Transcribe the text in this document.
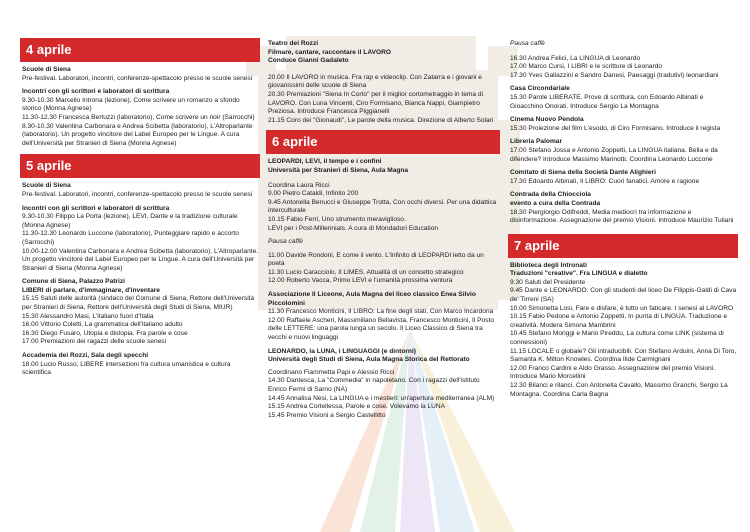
4 aprile

Scuole di Siena

Pre-festival. Laboratori, incontri, conferenze-spettacolo presso le scuole senesi

Incontri con gli scrittori e laboratori di scrittura

9.30-10.30 Marcello Introna (lezione), Come scrivere un romanzo a sfondo storico (Monna Agnese)

11.30-12.30 Francesca Bertuzzi (laboratorio), Come scrivere un noir (Sarrocchi)

8.30-10.30 Valentina Carbonara e Andrea Scibetta (laboratorio), L'Altroparlante (laboratorio). Un progetto vincitore del Label Europeo per le Lingue. A cura dell'Università per Stranieri di Siena (Monna Agnese)

5 aprile

Scuole di Siena

Pre-festival. Laboratori, incontri, conferenze-spettacolo presso le scuole senesi

Incontri con gli scrittori e laboratori di scrittura

9.30-10.30 Filippo La Porta (lezione), LEVI, Dante e la tradizione culturale (Monna Agnese)

11.30-12.30 Leonardo Luccone (laboratorio), Punteggiare rapido e accorto (Sarrocchi)

10.00-12.00 Valentina Carbonara e Andrea Scibetta (laboratorio), L'Altroparlante. Un progetto vincitore del Label Europeo per le Lingue. A cura dell'Università per Stranieri di Siena (Monna Agnese)

Comune di Siena, Palazzo Patrizi

LIBERI di parlare, d'immaginare, d'inventare

15.15 Saluti delle autorità (sindaco del Comune di Siena, Rettore dell'Università per Stranieri di Siena, Rettore dell'Università degli Studi di Siena, MIUR)

15.30 Alessandro Masi, L'italiano fuori d'Italia

16.00 Vittorio Coletti, La grammatica dell'italiano adulto

16.30 Diego Fusaro, Utopia e distopia. Fra parole e cose

17.00 Premiazioni dei ragazzi delle scuole senesi

Accademia dei Rozzi, Sala degli specchi

18.00 Lucio Russo, LIBERE intersezioni fra cultura umanistica e cultura scientifica

Teatro dei Rozzi

Filmare, cantare, raccontare il LAVORO

Conduce Gianni Gadaleto

20.00 Il LAVORO in musica. Fra rap e videoclip. Con Zatarra e i giovani e giovanissimi delle scuole di Siena

20.30 Premiazioni "Siena In Corto" per il miglior cortometraggio in tema di LAVORO. Con Luna Vincenti, Ciro Formisano, Bianca Nappi, Giampietro Preziosa. Introduce Francesca Piggianelli

21.15 Coro dei "Gionaudi", Le parole della musica. Direzione di Alberto Solari

6 aprile

LEOPARDI, LEVI, il tempo e i confini

Università per Stranieri di Siena, Aula Magna

Coordina Laura Ricci

9.00 Pietro Cataldi, Infinito 200

9.45 Antonella Benucci e Giuseppe Trotta, Con occhi diversi. Per una didattica interculturale

10.15 Fabio Ferri, Uno strumento meraviglioso.

LEVI per i Post-Millennials. A cura di Mondadori Education

Pausa caffè

11.00 Davide Rondoni, E come il vento. L'Infinito di LEOPARDI letto da un poeta

11.30 Lucio Caracciolo, Il LIMES. Attualità di un concetto strategico

12.00 Roberto Vacca, Primo LEVI e l'umanità prossima ventura

Associazione Il Liceone, Aula Magna del liceo classico Enea Silvio Piccolomini

11.30 Francesco Monticini, Il LIBRO: La fine degli stati. Con Marco Incardona

12.00 Raffaele Ascheri, Massimiliano Bellavista, Francesco Monticini, Il Posto delle LETTERE: una parola lunga un secolo. Il Liceo Classico di Siena tra vecchi e nuovi linguaggi

LEONARDO, la LUNA, i LINGUAGGI (e dintorni)

Università degli Studi di Siena, Aula Magna Storica del Rettorato

Coordinano Fiammetta Papi e Alessio Ricci

14.30 Dantesca, La "Commedia" in napoletano. Con i ragazzi dell'istituto Enrico Fermi di Sarno (NA)

14.45 Annalisa Nesi, La LINGUA e i mestieri: un'apertura mediterranea (ALM)

15.15 Andrea Cortellessa, Parole e cose. Volevamo la LUNA

15.45 Premio Visioni a Sergio Castellitto

Pausa caffè

16.30 Andrea Felici, La LINGUA di Leonardo

17.00 Marco Cursi, I LIBRI e le scritture di Leonardo

17.30 Yves Gallazzini e Sandro Danesi, Paesaggi (tradutivi) leonardiani

Casa Circondariale

15.30 Parole LIBERATE. Prove di scrittura, con Edoardo Albinati e Gioacchino Onorati. Introduce Sergio La Montagna

Cinema Nuovo Pendola

15.30 Proiezione del film L'esodo, di Ciro Formisano. Introduce il regista

Libreria Palomar

17.00 Stefano Jossa e Antonio Zoppetti, La LINGUA italiana. Bella e da difendere? Introduce Massimo Marinotti. Coordina Leonardo Luccone

Comitato di Siena della Società Dante Alighieri

17.30 Edoardo Albinati, Il LIBRO: Cuori fanatici. Amore e ragione

Contrada della Chiocciola

evento a cura della Contrada

18.30 Piergiorgio Odifreddi, Media mediocri tra informazione e disinformazione. Assegnazione del premio Visioni. Introduce Maurizio Tuliani

7 aprile

Biblioteca degli Intronati

Traduzioni "creative". Fra LINGUA e dialetto

9.30 Saluti del Presidente

9.45 Dante e LEONARDO. Con gli studenti del liceo De Filippis-Galdi di Cava de' Tirreni (SA)

10.00 Simonetta Losi, Fare e disfare, è tutto un faticare. I senesi al LAVORO

10.15 Fabio Pedone e Antonio Zoppetti, In punta di LINGUA. Traduzione e creatività. Modera Simona Mambrini

10.45 Stefano Moriggi e Mario Pireddu, La cultura come LINK (sistema di connessioni)

11.15 LOCALE o globale? Gli intraducibili. Con Stefano Arduini, Anna Di Toro, Samanta K. Milton Knowles. Coordina Ilide Carmignani

12.00 Franco Cardini e Aldo Grasso. Assegnazione del premio Visioni. Introduce Mario Morcellini

12.30 Bilanci e rilanci. Con Antonella Cavallo, Massimo Granchi, Sergio La Montagna. Coordina Carla Bagna
